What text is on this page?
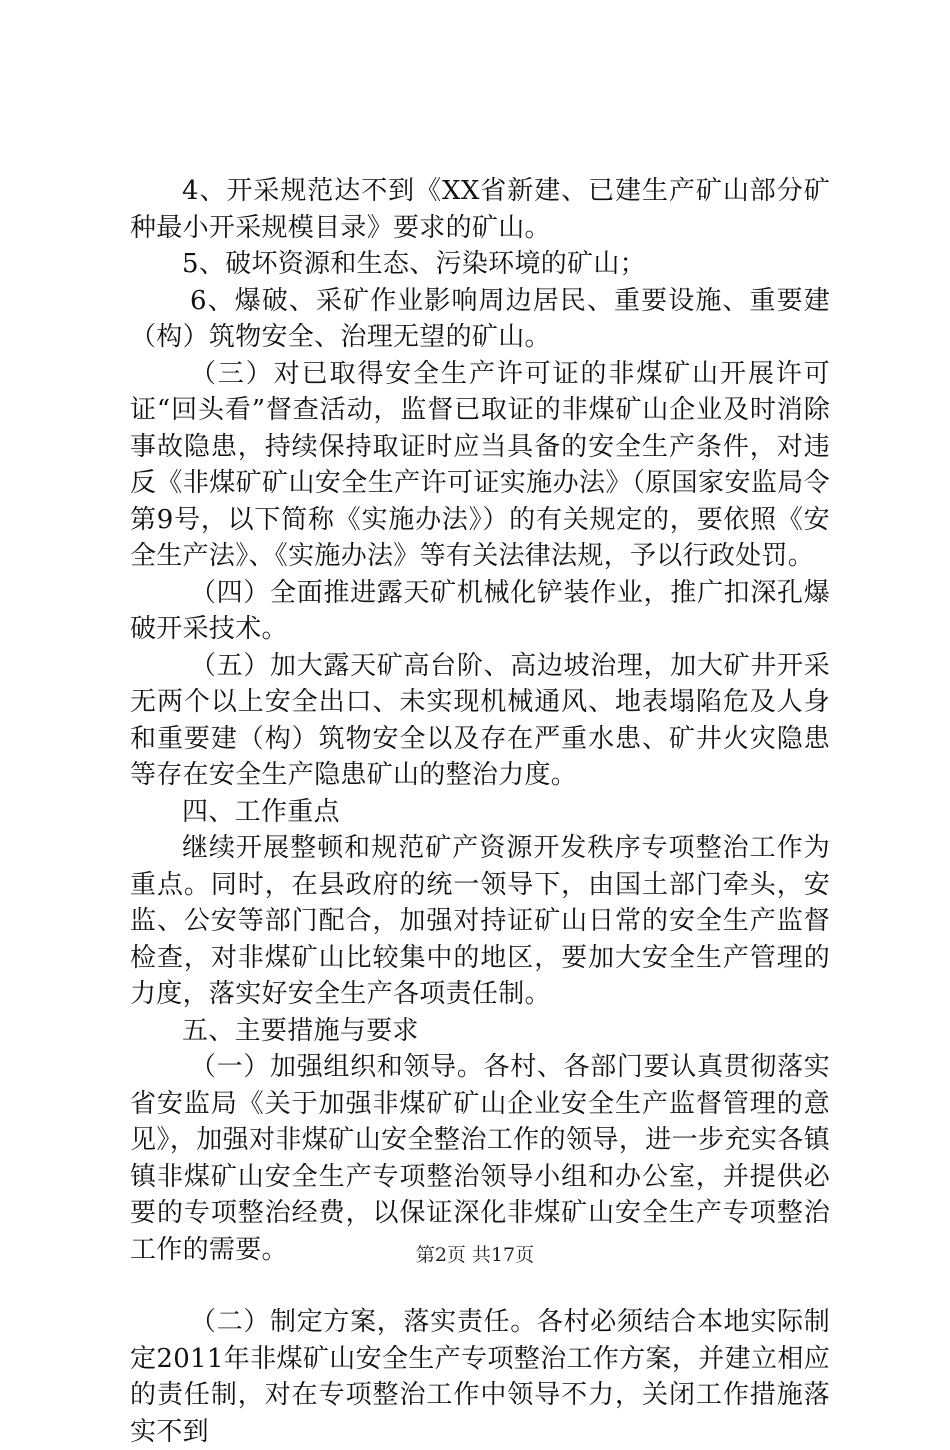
4、开采规范达不到《XX省新建、已建生产矿山部分矿种最小开采规模目录》要求的矿山。

5、破坏资源和生态、污染环境的矿山；

6、爆破、采矿作业影响周边居民、重要设施、重要建（构）筑物安全、治理无望的矿山。

（三）对已取得安全生产许可证的非煤矿山开展许可证“回头看”督查活动，监督已取证的非煤矿山企业及时消除事故隐患，持续保持取证时应当具备的安全生产条件，对违反《非煤矿矿山安全生产许可证实施办法》（原国家安监局令第9号，以下简称《实施办法》）的有关规定的，要依照《安全生产法》、《实施办法》等有关法律法规，予以行政处罚。

（四）全面推进露天矿机械化铲装作业，推广扣深孔爆破开采技术。

（五）加大露天矿高台阶、高边坡治理，加大矿井开采无两个以上安全出口、未实现机械通风、地表塌陷危及人身和重要建（构）筑物安全以及存在严重水患、矿井火灾隐患等存在安全生产隐患矿山的整治力度。

四、工作重点

继续开展整顿和规范矿产资源开发秩序专项整治工作为重点。同时，在县政府的统一领导下，由国土部门牵头，安监、公安等部门配合，加强对持证矿山日常的安全生产监督检查，对非煤矿山比较集中的地区，要加大安全生产管理的力度，落实好安全生产各项责任制。

五、主要措施与要求

（一）加强组织和领导。各村、各部门要认真贯彻落实省安监局《关于加强非煤矿矿山企业安全生产监督管理的意见》，加强对非煤矿山安全整治工作的领导，进一步充实各镇镇非煤矿山安全生产专项整治领导小组和办公室，并提供必要的专项整治经费，以保证深化非煤矿山安全生产专项整治工作的需要。

（二）制定方案，落实责任。各村必须结合本地实际制定2011年非煤矿山安全生产专项整治工作方案，并建立相应的责任制，对在专项整治工作中领导不力，关闭工作措施落实不到

第2页 共17页
